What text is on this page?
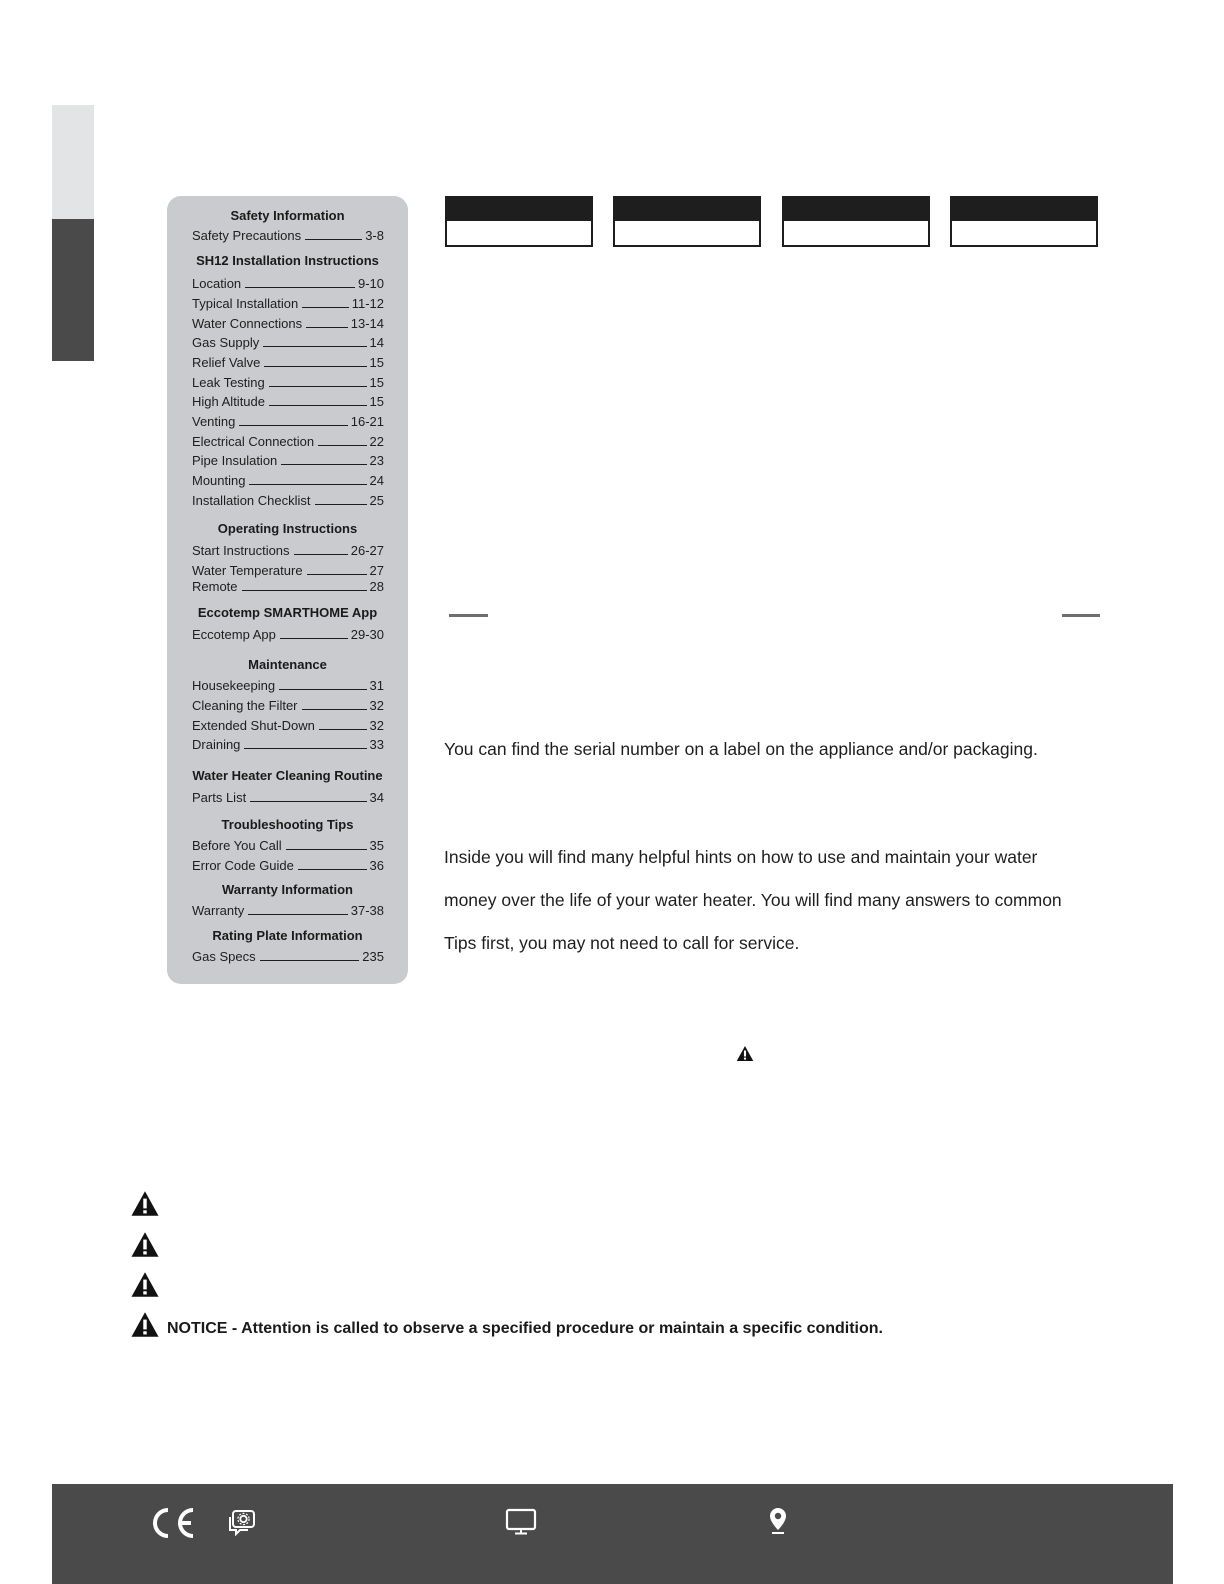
Safety Information
Safety Precautions	3-8
SH12 Installation Instructions
Location	9-10
Typical Installation	11-12
Water Connections	13-14
Gas Supply	14
Relief Valve	15
Leak Testing	15
High Altitude	15
Venting	16-21
Electrical Connection	22
Pipe Insulation	23
Mounting	24
Installation Checklist	25
Operating Instructions
Start Instructions	26-27
Water Temperature	27
Remote	28
Eccotemp SMARTHOME App
Eccotemp App	29-30
Maintenance
Housekeeping	31
Cleaning the Filter	32
Extended Shut-Down	32
Draining	33
Water Heater Cleaning Routine
Parts List	34
Troubleshooting Tips
Before You Call	35
Error Code Guide	36
Warranty Information
Warranty	37-38
Rating Plate Information
Gas Specs	235
You can find the serial number on a label on the appliance and/or packaging.
Inside you will find many helpful hints on how to use and maintain your water
money over the life of your water heater. You will find many answers to common
Tips first, you may not need to call for service.
NOTICE - Attention is called to observe a specified procedure or maintain a specific condition.
